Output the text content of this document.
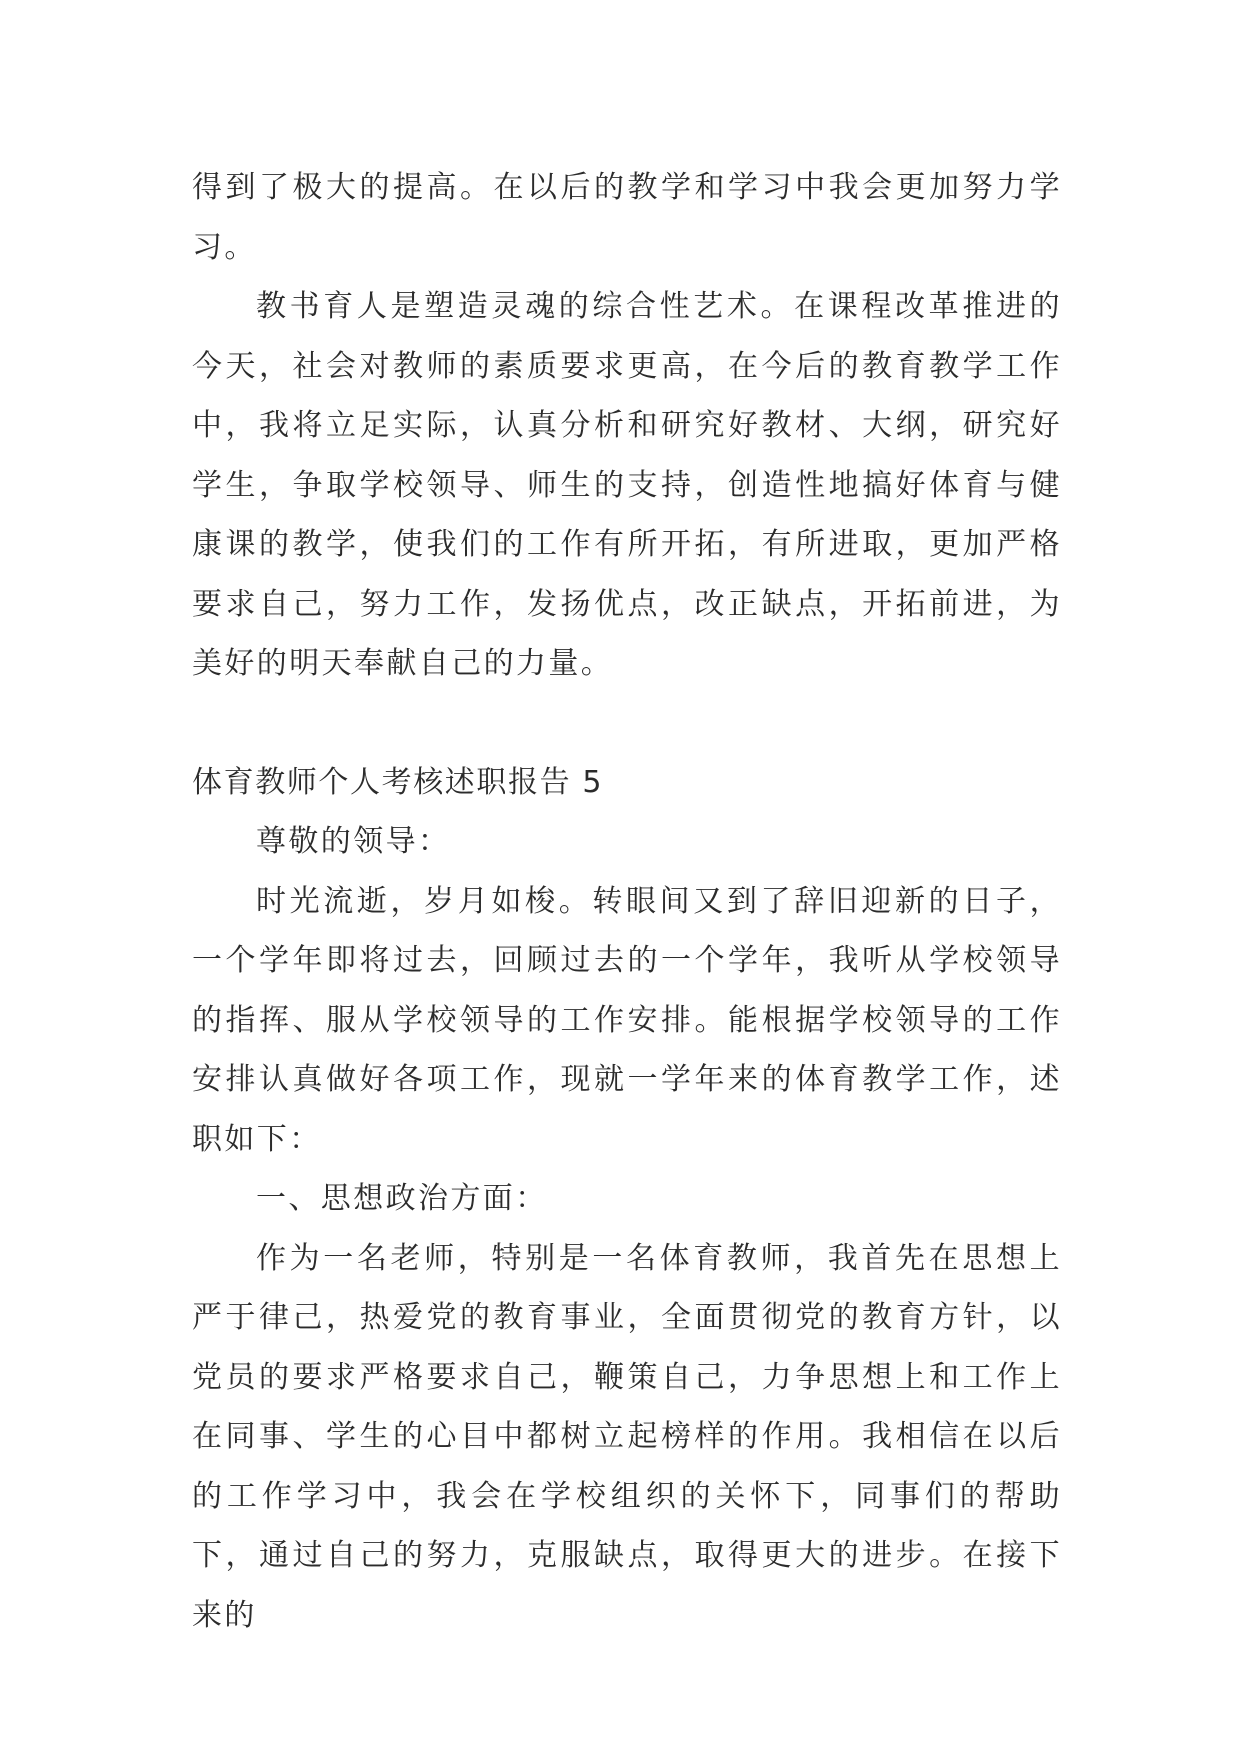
得到了极大的提高。在以后的教学和学习中我会更加努力学习。

教书育人是塑造灵魂的综合性艺术。在课程改革推进的今天，社会对教师的素质要求更高，在今后的教育教学工作中，我将立足实际，认真分析和研究好教材、大纲，研究好学生，争取学校领导、师生的支持，创造性地搞好体育与健康课的教学，使我们的工作有所开拓，有所进取，更加严格要求自己，努力工作，发扬优点，改正缺点，开拓前进，为美好的明天奉献自己的力量。

体育教师个人考核述职报告 5

尊敬的领导：

时光流逝，岁月如梭。转眼间又到了辞旧迎新的日子，一个学年即将过去，回顾过去的一个学年，我听从学校领导的指挥、服从学校领导的工作安排。能根据学校领导的工作安排认真做好各项工作，现就一学年来的体育教学工作，述职如下：

一、思想政治方面：

作为一名老师，特别是一名体育教师，我首先在思想上严于律己，热爱党的教育事业，全面贯彻党的教育方针，以党员的要求严格要求自己，鞭策自己，力争思想上和工作上在同事、学生的心目中都树立起榜样的作用。我相信在以后的工作学习中，我会在学校组织的关怀下，同事们的帮助下，通过自己的努力，克服缺点，取得更大的进步。在接下来的
